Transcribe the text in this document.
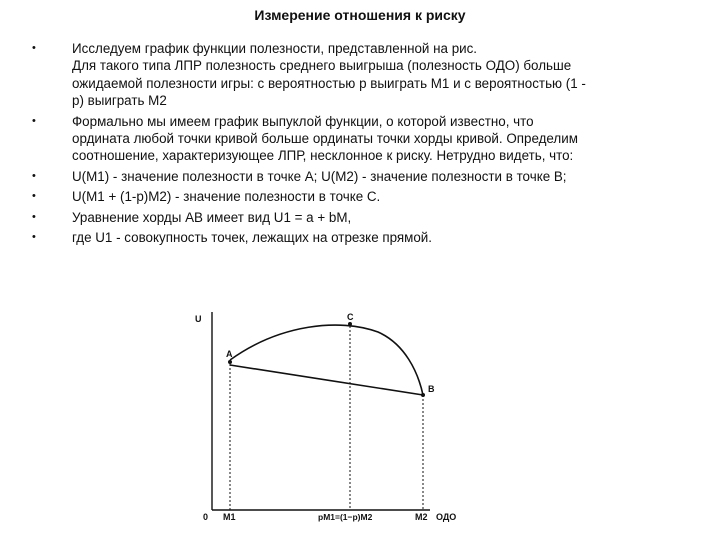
Измерение отношения к риску
•	Исследуем график функции полезности, представленной на рис.
Для такого типа ЛПР полезность среднего выигрыша (полезность ОДО) больше
ожидаемой полезности игры: с вероятностью p выиграть M1 и с вероятностью (1 -
p) выиграть M2
•	Формально мы имеем график выпуклой функции, о которой известно, что
ордината любой точки кривой больше ординаты точки хорды кривой. Определим
соотношение, характеризующее ЛПР, несклонное к риску. Нетрудно видеть, что:
•	U(M1) - значение полезности в точке A; U(M2) - значение полезности в точке B;
•	U(M1 + (1-p)M2) - значение полезности в точке C.
•	Уравнение хорды AB имеет вид U1 = a + bM,
•	где U1 - совокупность точек, лежащих на отрезке прямой.
U
0
A
C
B
M1	pM1=(1−p)M2	M2 ОДО
